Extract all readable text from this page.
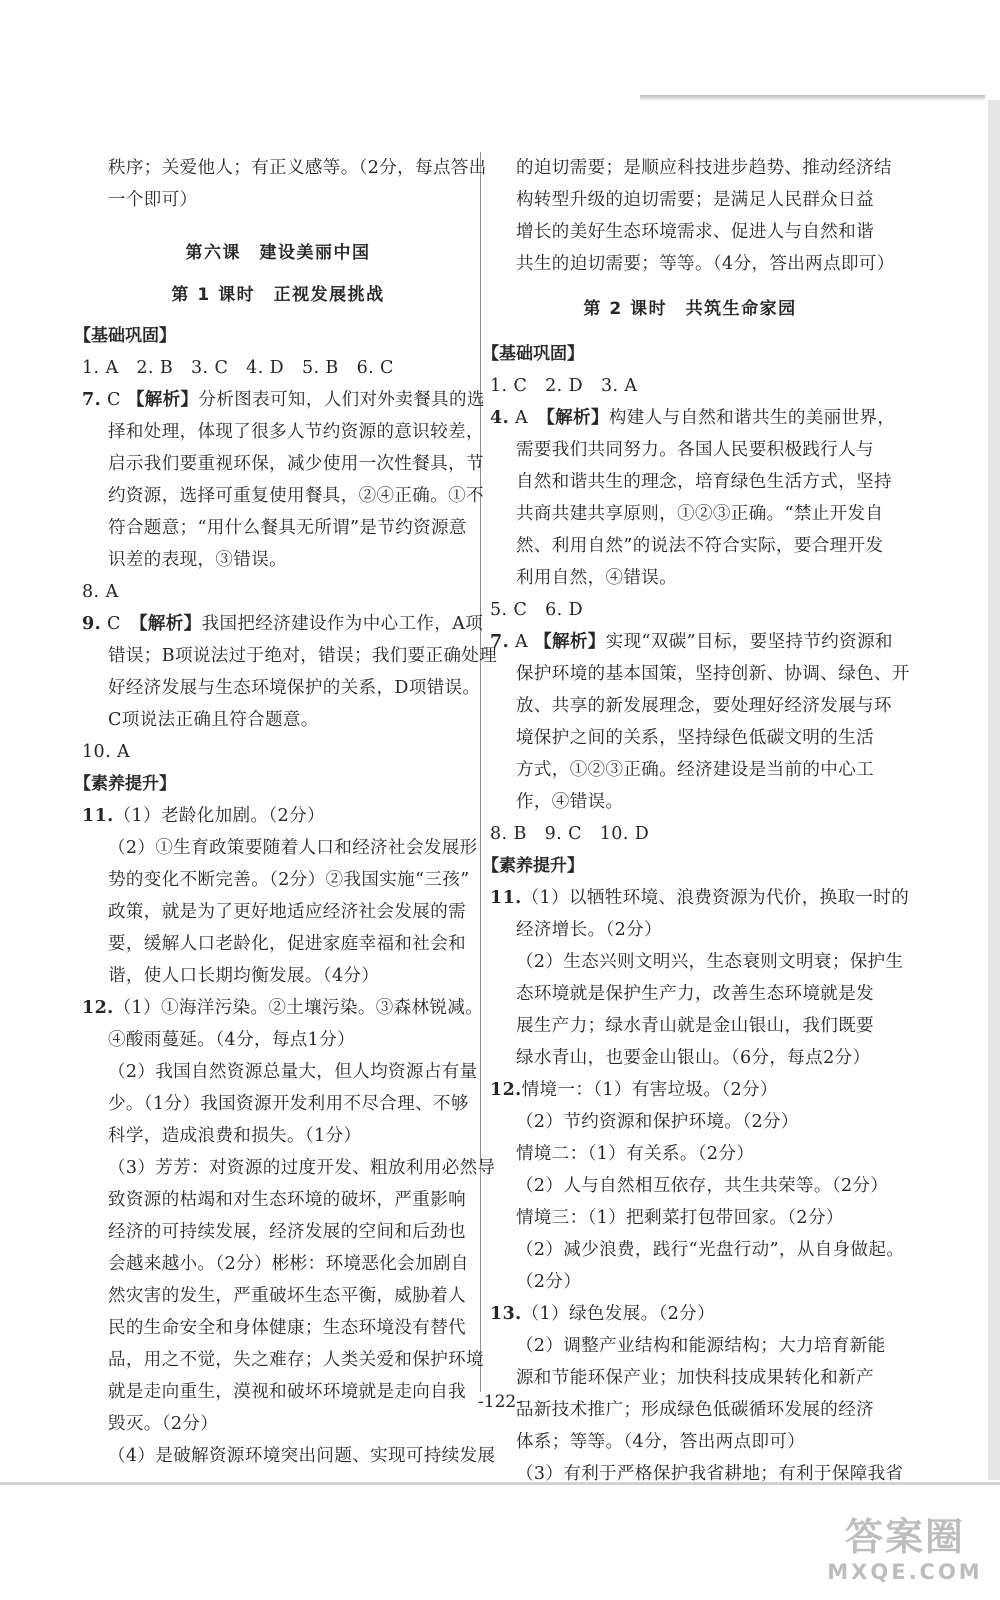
秩序；关爱他人；有正义感等。（2分，每点答出
一个即可）
第六课　建设美丽中国
第 1 课时　正视发展挑战
【基础巩固】
1. A　2. B　3. C　4. D　5. B　6. C
7. C 【解析】分析图表可知，人们对外卖餐具的选
择和处理，体现了很多人节约资源的意识较差，
启示我们要重视环保，减少使用一次性餐具，节
约资源，选择可重复使用餐具，②④正确。①不
符合题意；“用什么餐具无所谓”是节约资源意
识差的表现，③错误。
8. A
9. C　 【解析】我国把经济建设作为中心工作，A项
错误；B项说法过于绝对，错误；我们要正确处理
好经济发展与生态环境保护的关系，D项错误。
C项说法正确且符合题意。
10. A
【素养提升】
11.（1）老龄化加剧。（2分）
（2）①生育政策要随着人口和经济社会发展形
势的变化不断完善。（2分）②我国实施“三孩”
政策，就是为了更好地适应经济社会发展的需
要，缓解人口老龄化，促进家庭幸福和社会和
谐，使人口长期均衡发展。（4分）
12.（1）①海洋污染。②土壤污染。③森林锐减。
④酸雨蔓延。（4分，每点1分）
（2）我国自然资源总量大，但人均资源占有量
少。（1分）我国资源开发利用不尽合理、不够
科学，造成浪费和损失。（1分）
（3）芳芳：对资源的过度开发、粗放利用必然导
致资源的枯竭和对生态环境的破坏，严重影响
经济的可持续发展，经济发展的空间和后劲也
会越来越小。（2分）彬彬：环境恶化会加剧自
然灾害的发生，严重破坏生态平衡，威胁着人
民的生命安全和身体健康；生态环境没有替代
品，用之不觉，失之难存；人类关爱和保护环境
就是走向重生，漠视和破坏环境就是走向自我
毁灭。（2分）
（4）是破解资源环境突出问题、实现可持续发展
的迫切需要；是顺应科技进步趋势、推动经济结
构转型升级的迫切需要；是满足人民群众日益
增长的美好生态环境需求、促进人与自然和谐
共生的迫切需要；等等。（4分，答出两点即可）
第 2 课时　共筑生命家园
【基础巩固】
1. C　2. D　3. A
4. A　 【解析】构建人与自然和谐共生的美丽世界，
需要我们共同努力。各国人民要积极践行人与
自然和谐共生的理念，培育绿色生活方式，坚持
共商共建共享原则，①②③正确。“禁止开发自
然、利用自然”的说法不符合实际，要合理开发
利用自然，④错误。
5. C　6. D
7. A 【解析】实现“双碳”目标，要坚持节约资源和
保护环境的基本国策，坚持创新、协调、绿色、开
放、共享的新发展理念，要处理好经济发展与环
境保护之间的关系，坚持绿色低碳文明的生活
方式，①②③正确。经济建设是当前的中心工
作，④错误。
8. B　9. C　10. D
【素养提升】
11.（1）以牺牲环境、浪费资源为代价，换取一时的
经济增长。（2分）
（2）生态兴则文明兴，生态衰则文明衰；保护生
态环境就是保护生产力，改善生态环境就是发
展生产力；绿水青山就是金山银山，我们既要
绿水青山，也要金山银山。（6分，每点2分）
12.情境一：（1）有害垃圾。（2分）
（2）节约资源和保护环境。（2分）
情境二：（1）有关系。（2分）
（2）人与自然相互依存，共生共荣等。（2分）
情境三：（1）把剩菜打包带回家。（2分）
（2）减少浪费，践行“光盘行动”，从自身做起。
（2分）
13.（1）绿色发展。（2分）
（2）调整产业结构和能源结构；大力培育新能
源和节能环保产业；加快科技成果转化和新产
品新技术推广；形成绿色低碳循环发展的经济
体系；等等。（4分，答出两点即可）
（3）有利于严格保护我省耕地；有利于保障我省
-122-
答案圈
MXQE.COM
